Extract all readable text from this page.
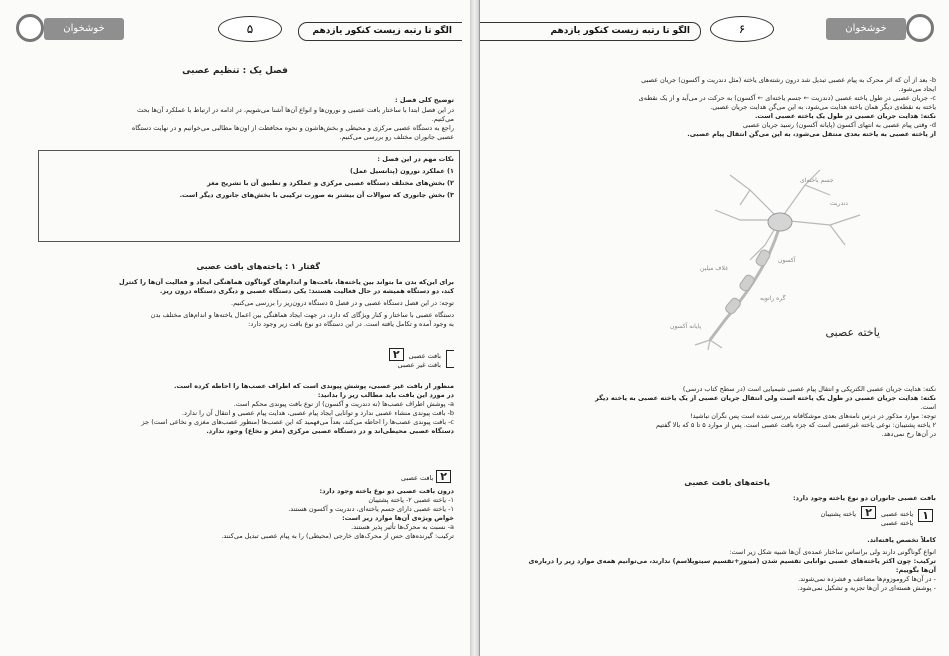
خوشخوان	۵	الگو تا رتبه زیست کنکور یازدهم
فصل یک : تنظیم عصبی
توضیح کلی فصل :
در این فصل ابتدا با ساختار بافت عصبی و نورون‌ها و انواع آن‌ها آشنا می‌شویم، در ادامه در ارتباط با عملکرد آن‌ها بحث
می‌کنیم.
راجع به دستگاه عصبی مرکزی و محیطی و بخش‌هاشون و نحوه محافظت از اون‌ها مطالبی می‌خوانیم و در نهایت دستگاه
عصبی جانوران مختلف رو بررسی می‌کنیم.
نکات مهم در این فصل :
۱) عملکرد نورون (پتانسیل عمل)
۲) بخش‌های مختلف دستگاه عصبی مرکزی و عملکرد و تطبیق آن با تشریح مغز
۳) بخش جانوری که سوالات آن بیشتر به صورت ترکیبی با بخش‌های جانوری دیگر است.
گفتار ۱ : یاخته‌های بافت عصبی
برای این‌که بدن ما بتواند بین یاخته‌ها، بافت‌ها و اندام‌های گوناگون هماهنگی ایجاد و فعالیت آن‌ها را کنترل
کند، دو دستگاه همیشه در حال فعالیت هستند: یکی دستگاه عصبی و دیگری دستگاه درون ریز.
توجه: در این فصل دستگاه عصبی و در فصل ۵ دستگاه درون‌ریز را بررسی می‌کنیم.
دستگاه عصبی با ساختار و کنار ویژگای که دارد، در جهت ایجاد هماهنگی بین اعمال یاخته‌ها و اندام‌های مختلف بدن
به وجود آمده و تکامل یافته است. در این دستگاه دو نوع بافت زیر وجود دارد:
بافت عصبی ۲
بافت غیر عصبی
منظور از بافت غیر عصبی، پوشش پیوندی است که اطراف عصب‌ها را احاطه کرده است.
در مورد این بافت باید مطالب زیر را بدانید:
a- پوشش اطراف عصب‌ها (نه دندریت و آکسون) از نوع بافت پیوندی محکم است.
b- بافت پیوندی منشاء عصبی ندارد و توانایی ایجاد پیام عصبی، هدایت پیام عصبی و انتقال آن را ندارد.
c- بافت پیوندی عصب‌ها را احاطه می‌کند، بعداً می‌فهمید که این عصب‌ها (منظور عصب‌های مغزی و نخاعی است) جز
دستگاه عصبی محیطی‌اند و در دستگاه عصبی مرکزی (مغز و نخاع) وجود ندارد.
۲بافت عصبی
درون بافت عصبی دو نوع یاخته وجود دارد:
۱- یاخته عصبی ۲- یاخته پشتیبان
۱- یاخته عصبی دارای جسم یاخته‌ای، دندریت و آکسون هستند.
خواص ویژه‌ی آن‌ها موارد زیر است:
a- نسبت به محرک‌ها تأثیر پذیر هستند.
ترکیب: گیرنده‌های حس از محرک‌های خارجی (محیطی) را به پیام عصبی تبدیل می‌کنند.
الگو تا رتبه زیست کنکور یازدهم	۶	خوشخوان
b- بعد از آن که اثر محرک به پیام عصبی تبدیل شد درون رشته‌های یاخته (مثل دندریت و آکسون) جریان عصبی
ایجاد می‌شود.
c- جریان عصبی در طول یاخته عصبی (دندریت ← جسم یاخته‌ای ← آکسون) به حرکت در می‌آید و از یک نقطه‌ی
یاخته به نقطه‌ی دیگر همان یاخته هدایت می‌شود، به این می‌گن هدایت جریان عصبی.
نکته: هدایت جریان عصبی در طول یک یاخته عصبی است.
d- وقتی پیام عصبی به انتهای آکسون (پایانه آکسون) رسید جریان عصبی
از یاخته عصبی به یاخته بعدی منتقل می‌شود، به این می‌گن انتقال پیام عصبی.
جسم یاخته‌ای
دندریت
آکسون
غلاف میلین
گره رانویه
پایانه آکسون	یاخته عصبی
نکته: هدایت جریان عصبی الکتریکی و انتقال پیام عصبی شیمیایی است (در سطح کتاب درسی)
نکته: هدایت جریان عصبی در طول یک یاخته است ولی انتقال جریان عصبی از یک یاخته عصبی به یاخته دیگر
است.
توجه: موارد مذکور در درس نامه‌های بعدی موشکافانه بررسی شده است پس نگران نباشید!
۲ یاخته پشتیبان: نوعی یاخته غیرعصبی است که جزء بافت عصبی است. پس از موارد ۵ تا ۵ که بالا گفتیم
در آن‌ها رخ نمی‌دهد.
یاخته‌های بافت عصبی
بافت عصبی جانوران دو نوع یاخته وجود دارد:
۱ یاخته عصبی ۲ یاخته پشتیبان
یاخته عصبی
کاملاً تخصص یافته‌اند.
انواع گوناگونی دارند ولی براساس ساختار عمده‌ی آن‌ها شبیه شکل زیر است:
ترکیب: چون اکثر یاخته‌های عصبی توانایی تقسیم شدن (میتوز+تقسیم سیتوپلاسم) ندارند، می‌توانیم همه‌ی موارد زیر را درباره‌ی
آن‌ها بگوییم:
- در آن‌ها کروموزوم‌ها مضاعف و فشرده نمی‌شوند.
- پوشش هسته‌ای در آن‌ها تجزیه و تشکیل نمی‌شود.
